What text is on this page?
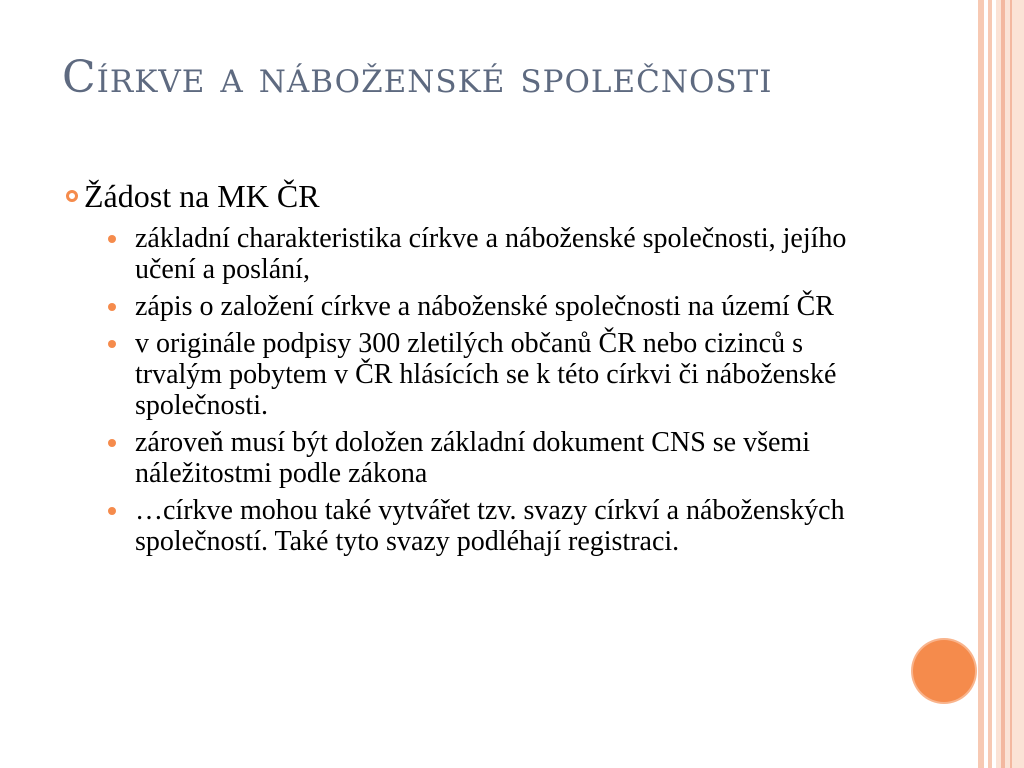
Církve a náboženské společnosti
Žádost na MK ČR
základní charakteristika církve a náboženské společnosti, jejího učení a poslání,
zápis o založení církve a náboženské společnosti na území ČR
v originále podpisy 300 zletilých občanů ČR nebo cizinců s trvalým pobytem v ČR hlásících se k této církvi či náboženské společnosti.
zároveň musí být doložen základní dokument CNS se všemi náležitostmi podle zákona
…církve mohou také vytvářet tzv. svazy církví a náboženských společností. Také tyto svazy podléhají registraci.
